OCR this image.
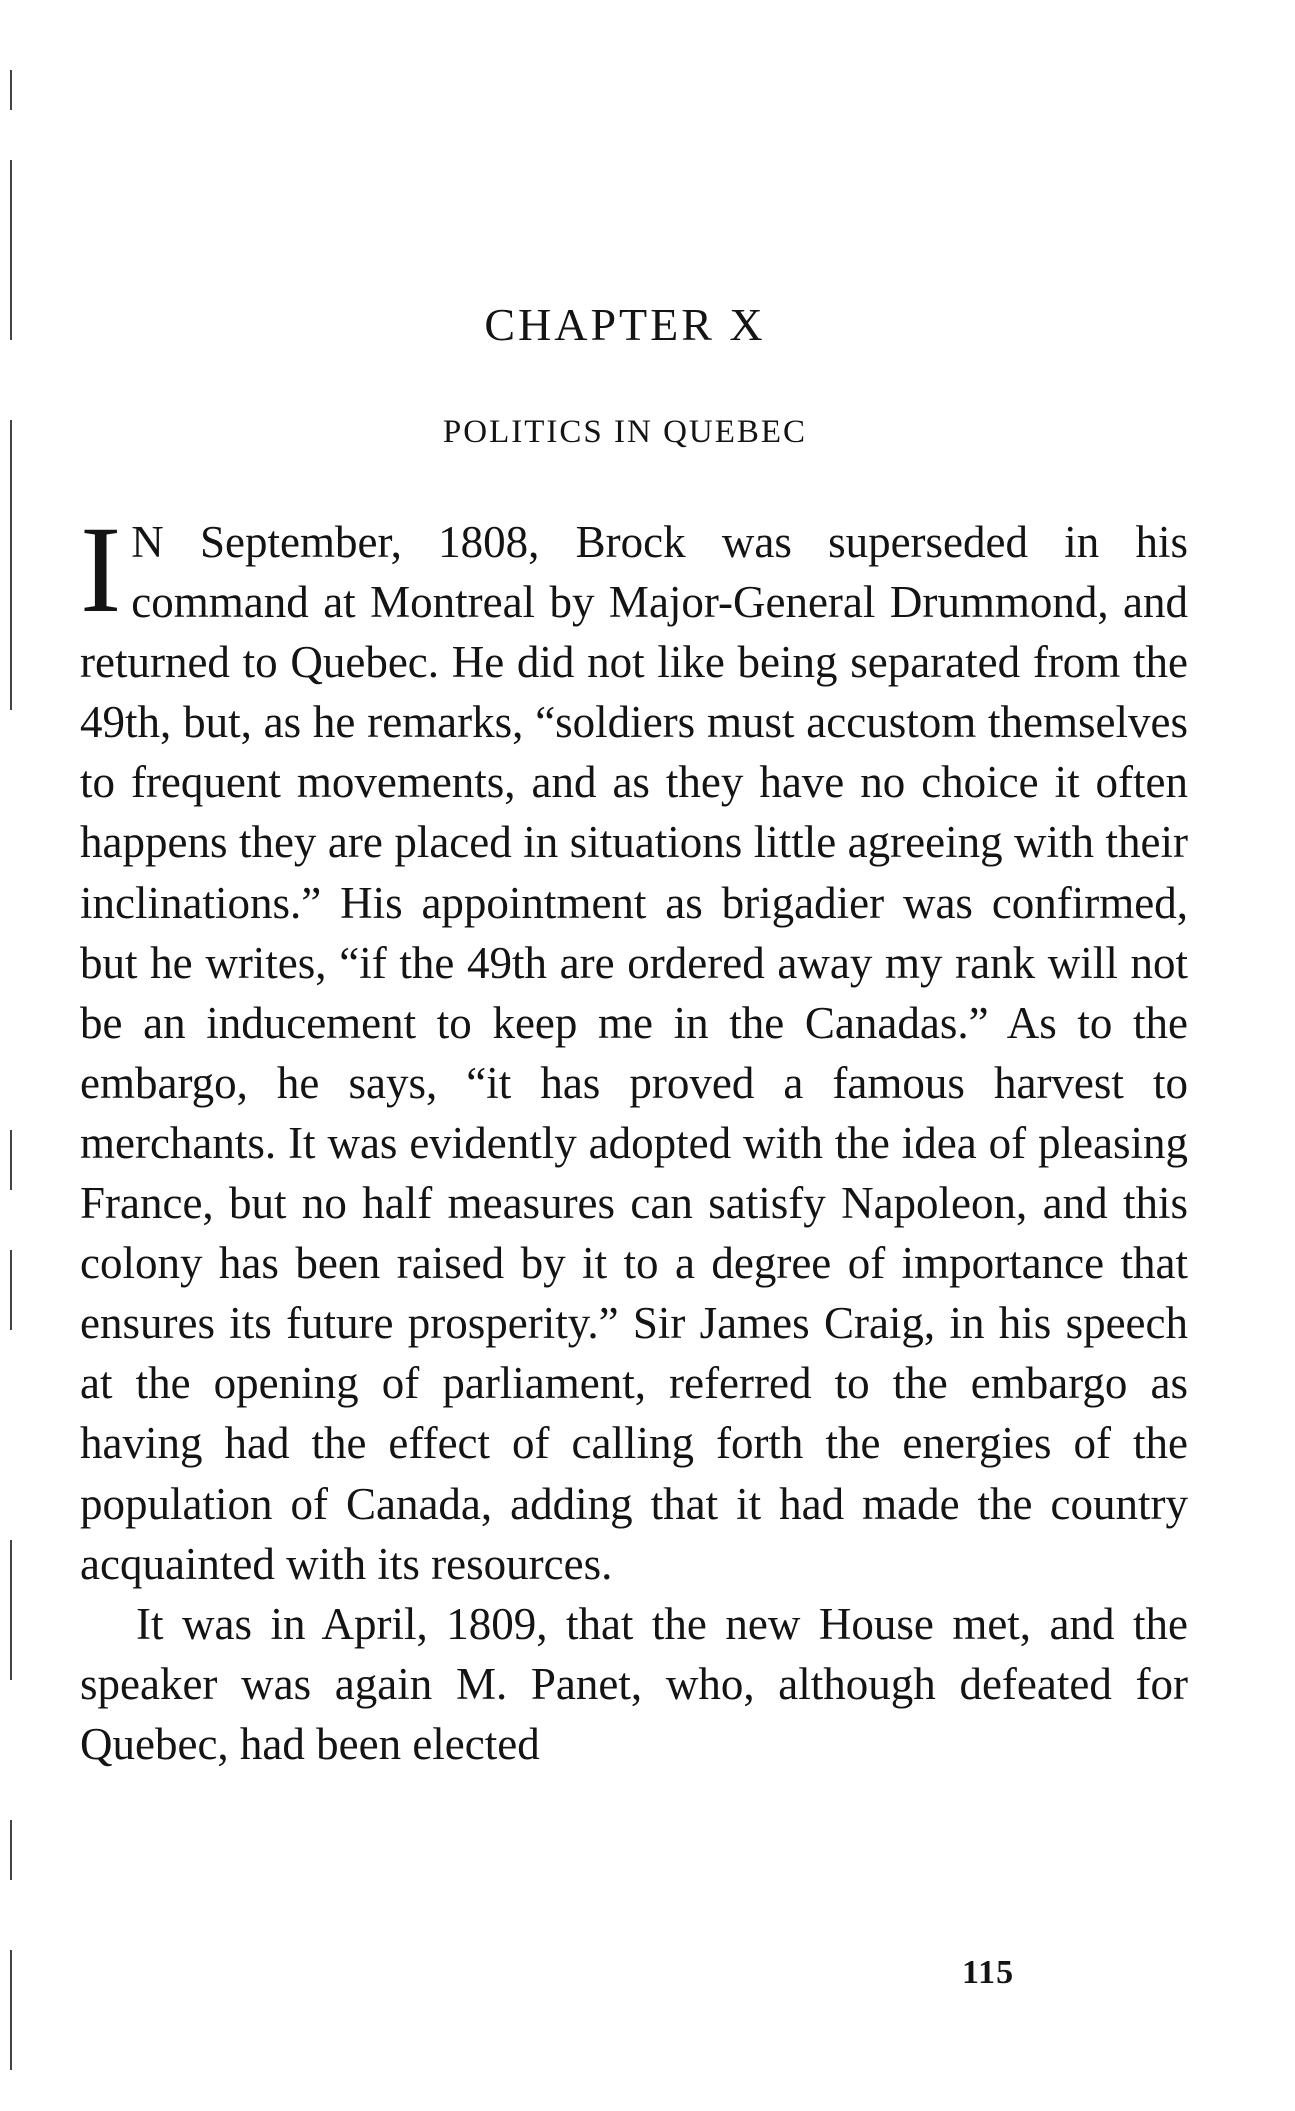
CHAPTER X
POLITICS IN QUEBEC

I N September, 1808, Brock was superseded in his command at Montreal by Major-General Drummond, and returned to Quebec. He did not like being separated from the 49th, but, as he remarks, “soldiers must accustom themselves to frequent movements, and as they have no choice it often happens they are placed in situations little agreeing with their inclinations.” His appointment as brigadier was confirmed, but he writes, “if the 49th are ordered away my rank will not be an inducement to keep me in the Canadas.” As to the embargo, he says, “it has proved a famous harvest to merchants. It was evidently adopted with the idea of pleasing France, but no half measures can satisfy Napoleon, and this colony has been raised by it to a degree of importance that ensures its future prosperity.” Sir James Craig, in his speech at the opening of parliament, referred to the embargo as having had the effect of calling forth the energies of the population of Canada, adding that it had made the country acquainted with its resources.

It was in April, 1809, that the new House met, and the speaker was again M. Panet, who, although defeated for Quebec, had been elected

115
